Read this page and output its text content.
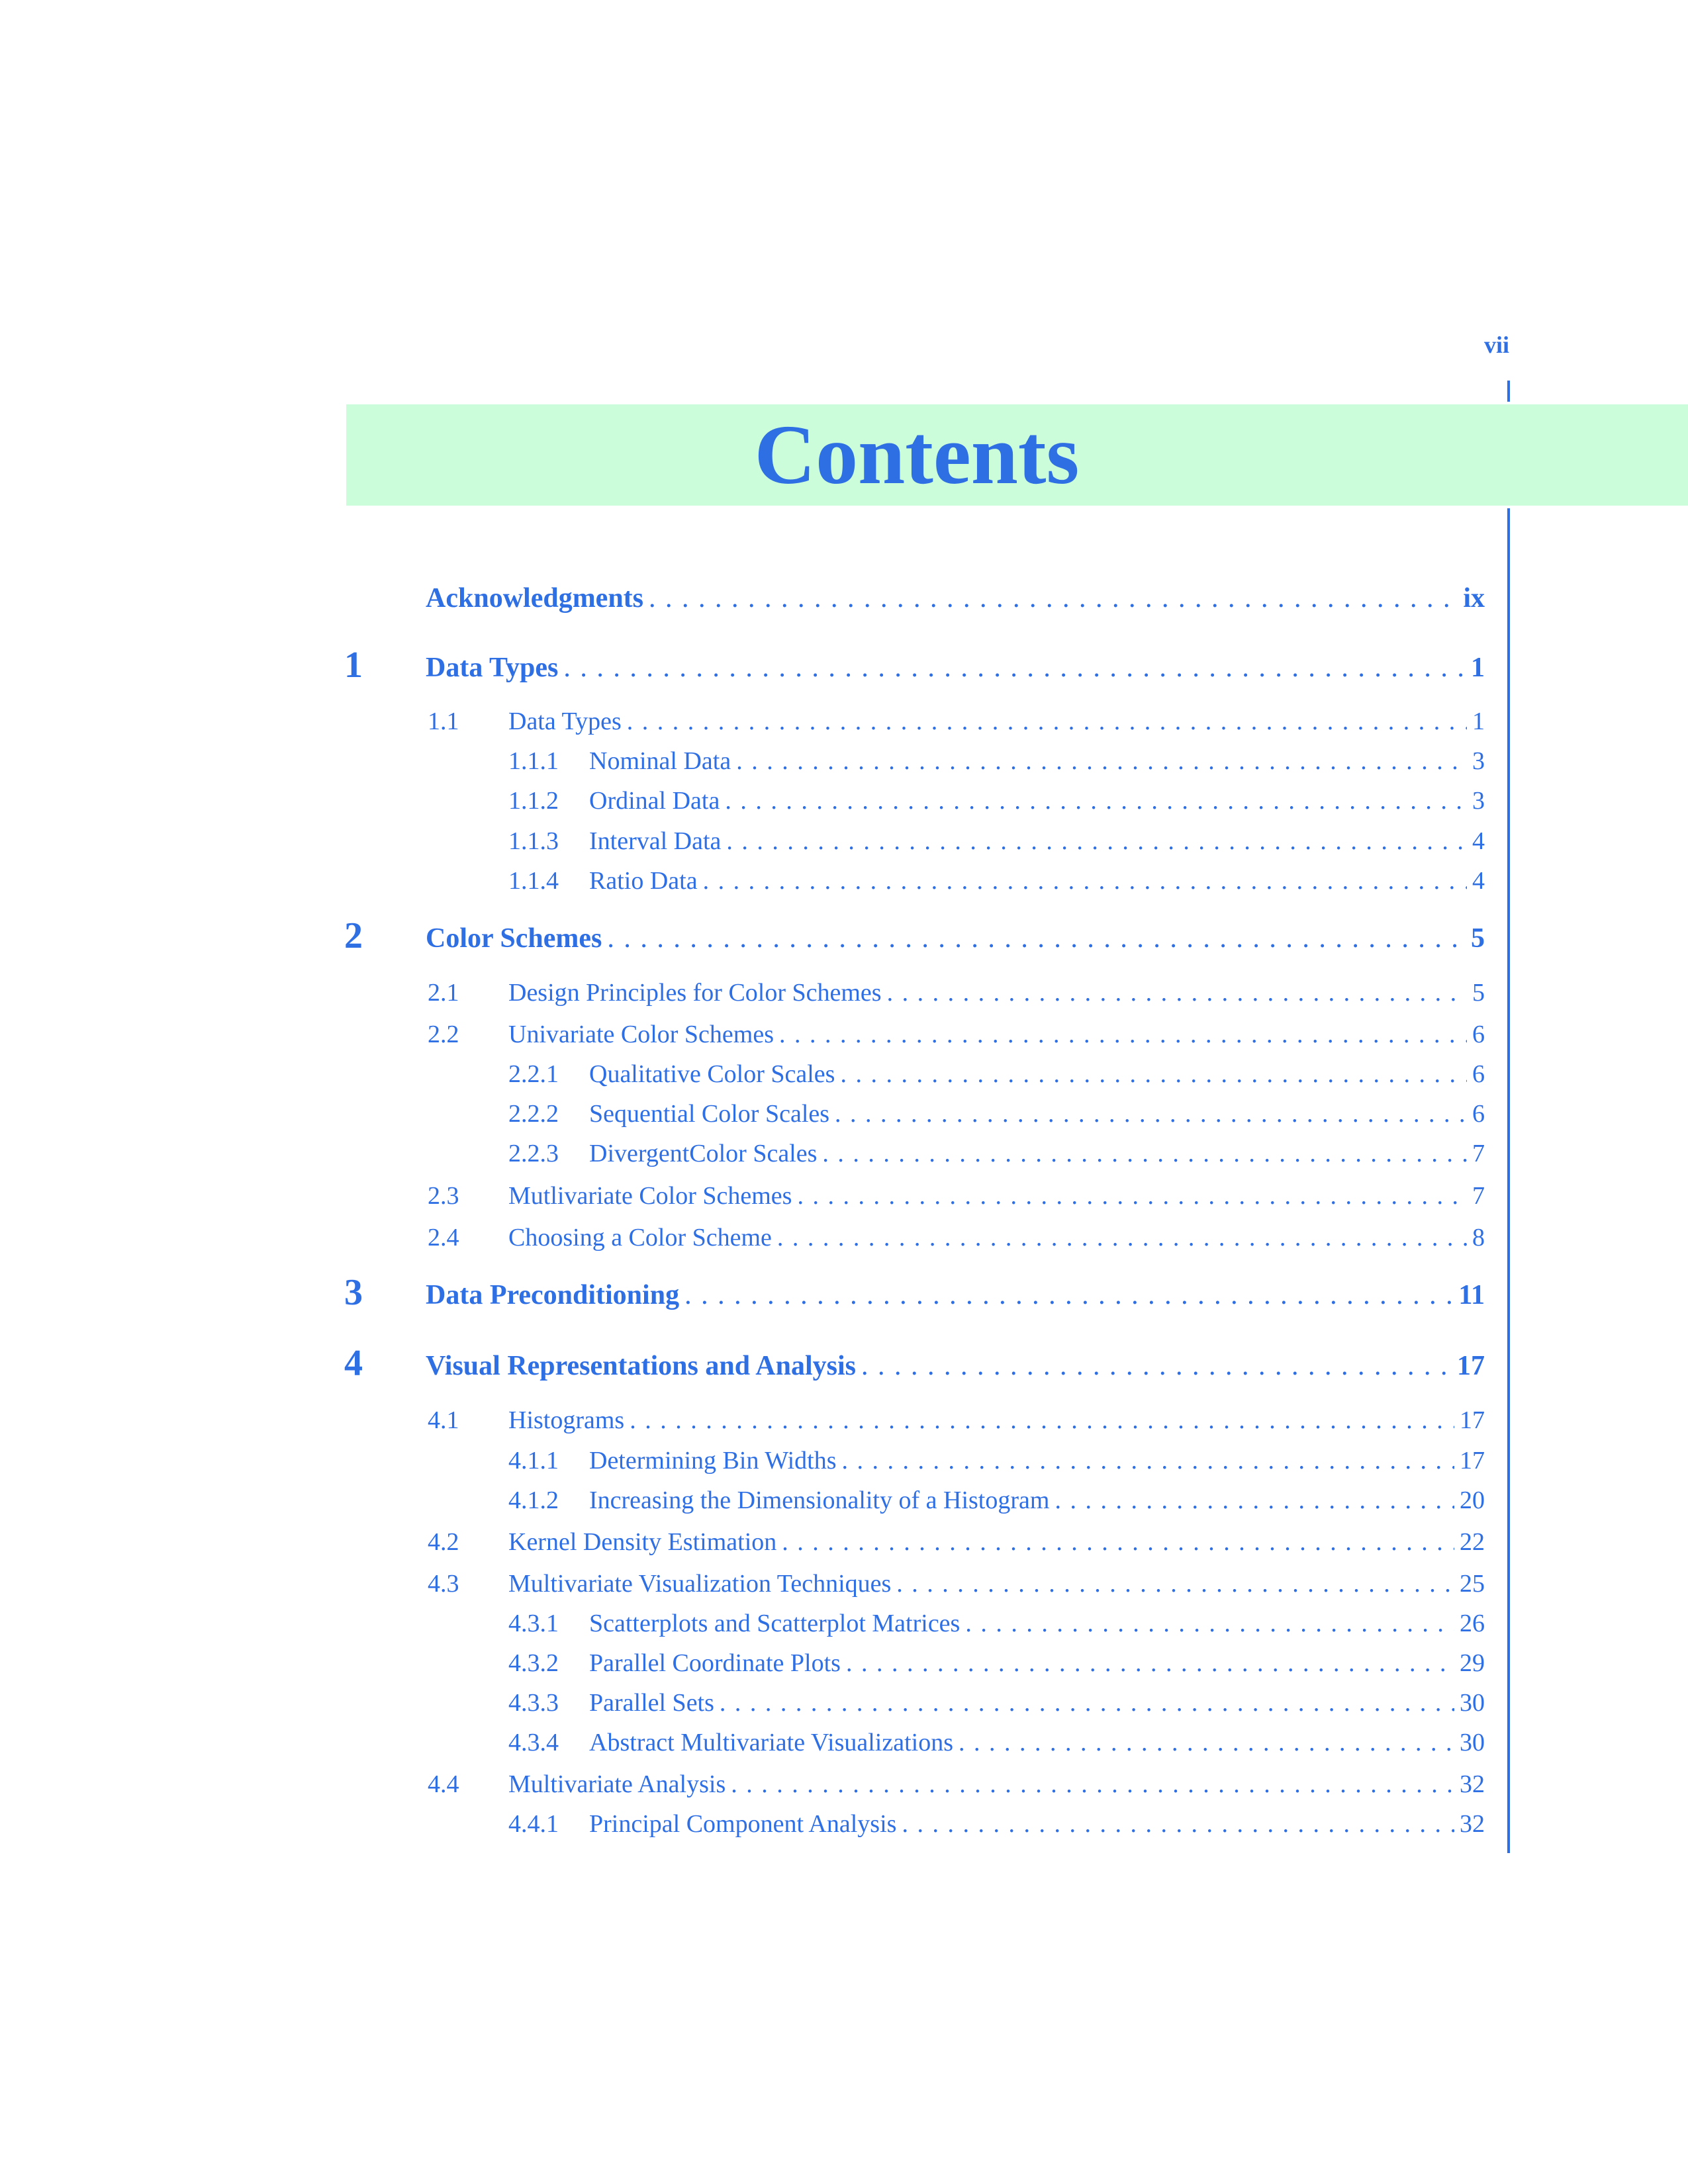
vii
Contents
Acknowledgments . . .	ix
1 Data Types . . .	1
1.1 Data Types . . .	1
1.1.1 Nominal Data . . .	3
1.1.2 Ordinal Data . . .	3
1.1.3 Interval Data . . .	4
1.1.4 Ratio Data . . .	4
2 Color Schemes . . .	5
2.1 Design Principles for Color Schemes . . .	5
2.2 Univariate Color Schemes . . .	6
2.2.1 Qualitative Color Scales . . .	6
2.2.2 Sequential Color Scales . . .	6
2.2.3 DivergentColor Scales . . .	7
2.3 Mutlivariate Color Schemes . . .	7
2.4 Choosing a Color Scheme . . .	8
3 Data Preconditioning . . .	11
4 Visual Representations and Analysis . . .	17
4.1 Histograms . . .	17
4.1.1 Determining Bin Widths . . .	17
4.1.2 Increasing the Dimensionality of a Histogram . . .	20
4.2 Kernel Density Estimation . . .	22
4.3 Multivariate Visualization Techniques . . .	25
4.3.1 Scatterplots and Scatterplot Matrices . . .	26
4.3.2 Parallel Coordinate Plots . . .	29
4.3.3 Parallel Sets . . .	30
4.3.4 Abstract Multivariate Visualizations . . .	30
4.4 Multivariate Analysis . . .	32
4.4.1 Principal Component Analysis . . .	32
